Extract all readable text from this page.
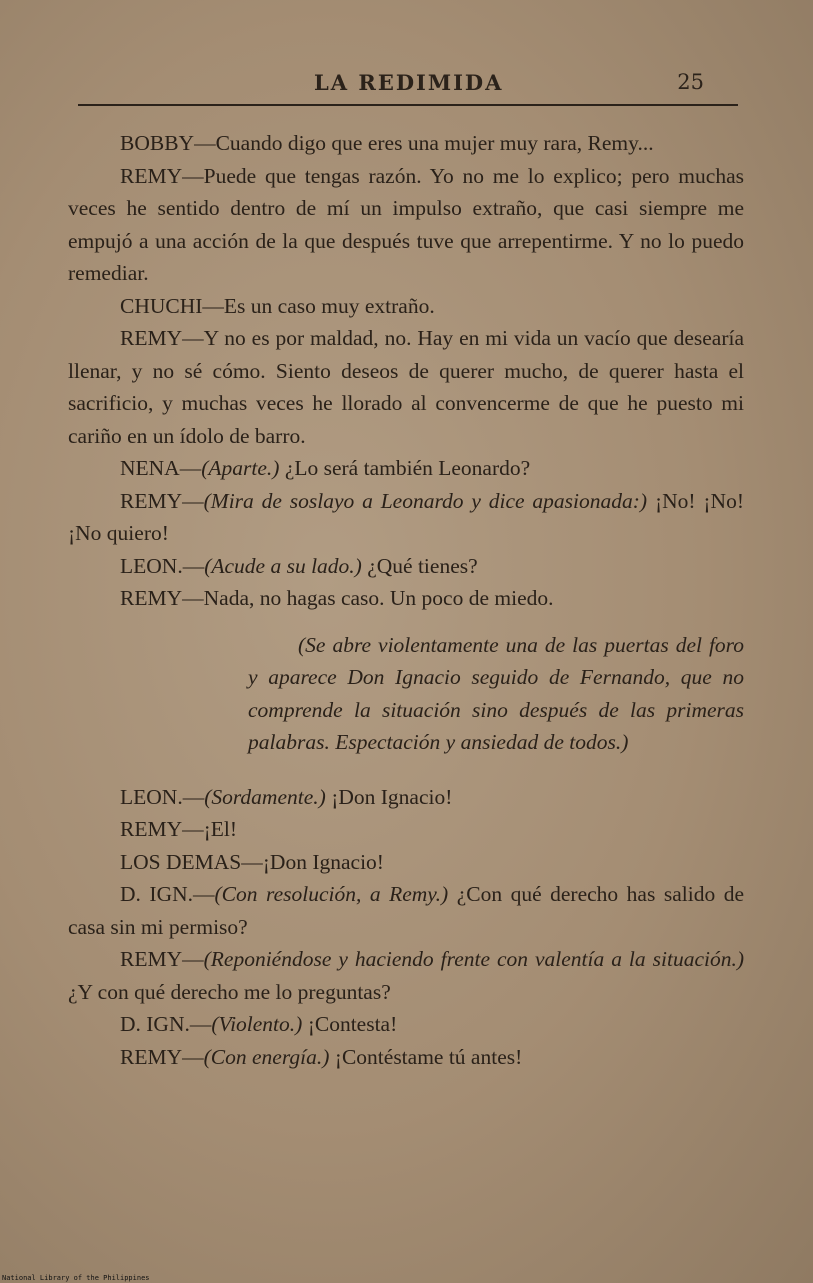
LA REDIMIDA	25

BOBBY—Cuando digo que eres una mujer muy rara, Remy...

REMY—Puede que tengas razón. Yo no me lo explico; pero muchas veces he sentido dentro de mí un impulso extraño, que casi siempre me empujó a una acción de la que después tuve que arrepentirme. Y no lo puedo remediar.

CHUCHI—Es un caso muy extraño.

REMY—Y no es por maldad, no. Hay en mi vida un vacío que desearía llenar, y no sé cómo. Siento deseos de querer mucho, de querer hasta el sacrificio, y muchas veces he llorado al convencerme de que he puesto mi cariño en un ídolo de barro.

NENA—(Aparte.) ¿Lo será también Leonardo?

REMY—(Mira de soslayo a Leonardo y dice apasionada:) ¡No! ¡No! ¡No quiero!

LEON.—(Acude a su lado.) ¿Qué tienes?

REMY—Nada, no hagas caso. Un poco de miedo.

(Se abre violentamente una de las puertas del foro y aparece Don Ignacio seguido de Fernando, que no comprende la situación sino después de las primeras palabras. Espectación y ansiedad de todos.)

LEON.—(Sordamente.) ¡Don Ignacio!

REMY—¡El!

LOS DEMAS—¡Don Ignacio!

D. IGN.—(Con resolución, a Remy.) ¿Con qué derecho has salido de casa sin mi permiso?

REMY—(Reponiéndose y haciendo frente con valentía a la situación.) ¿Y con qué derecho me lo preguntas?

D. IGN.—(Violento.) ¡Contesta!

REMY—(Con energía.) ¡Contéstame tú antes!

National Library of the Philippines
